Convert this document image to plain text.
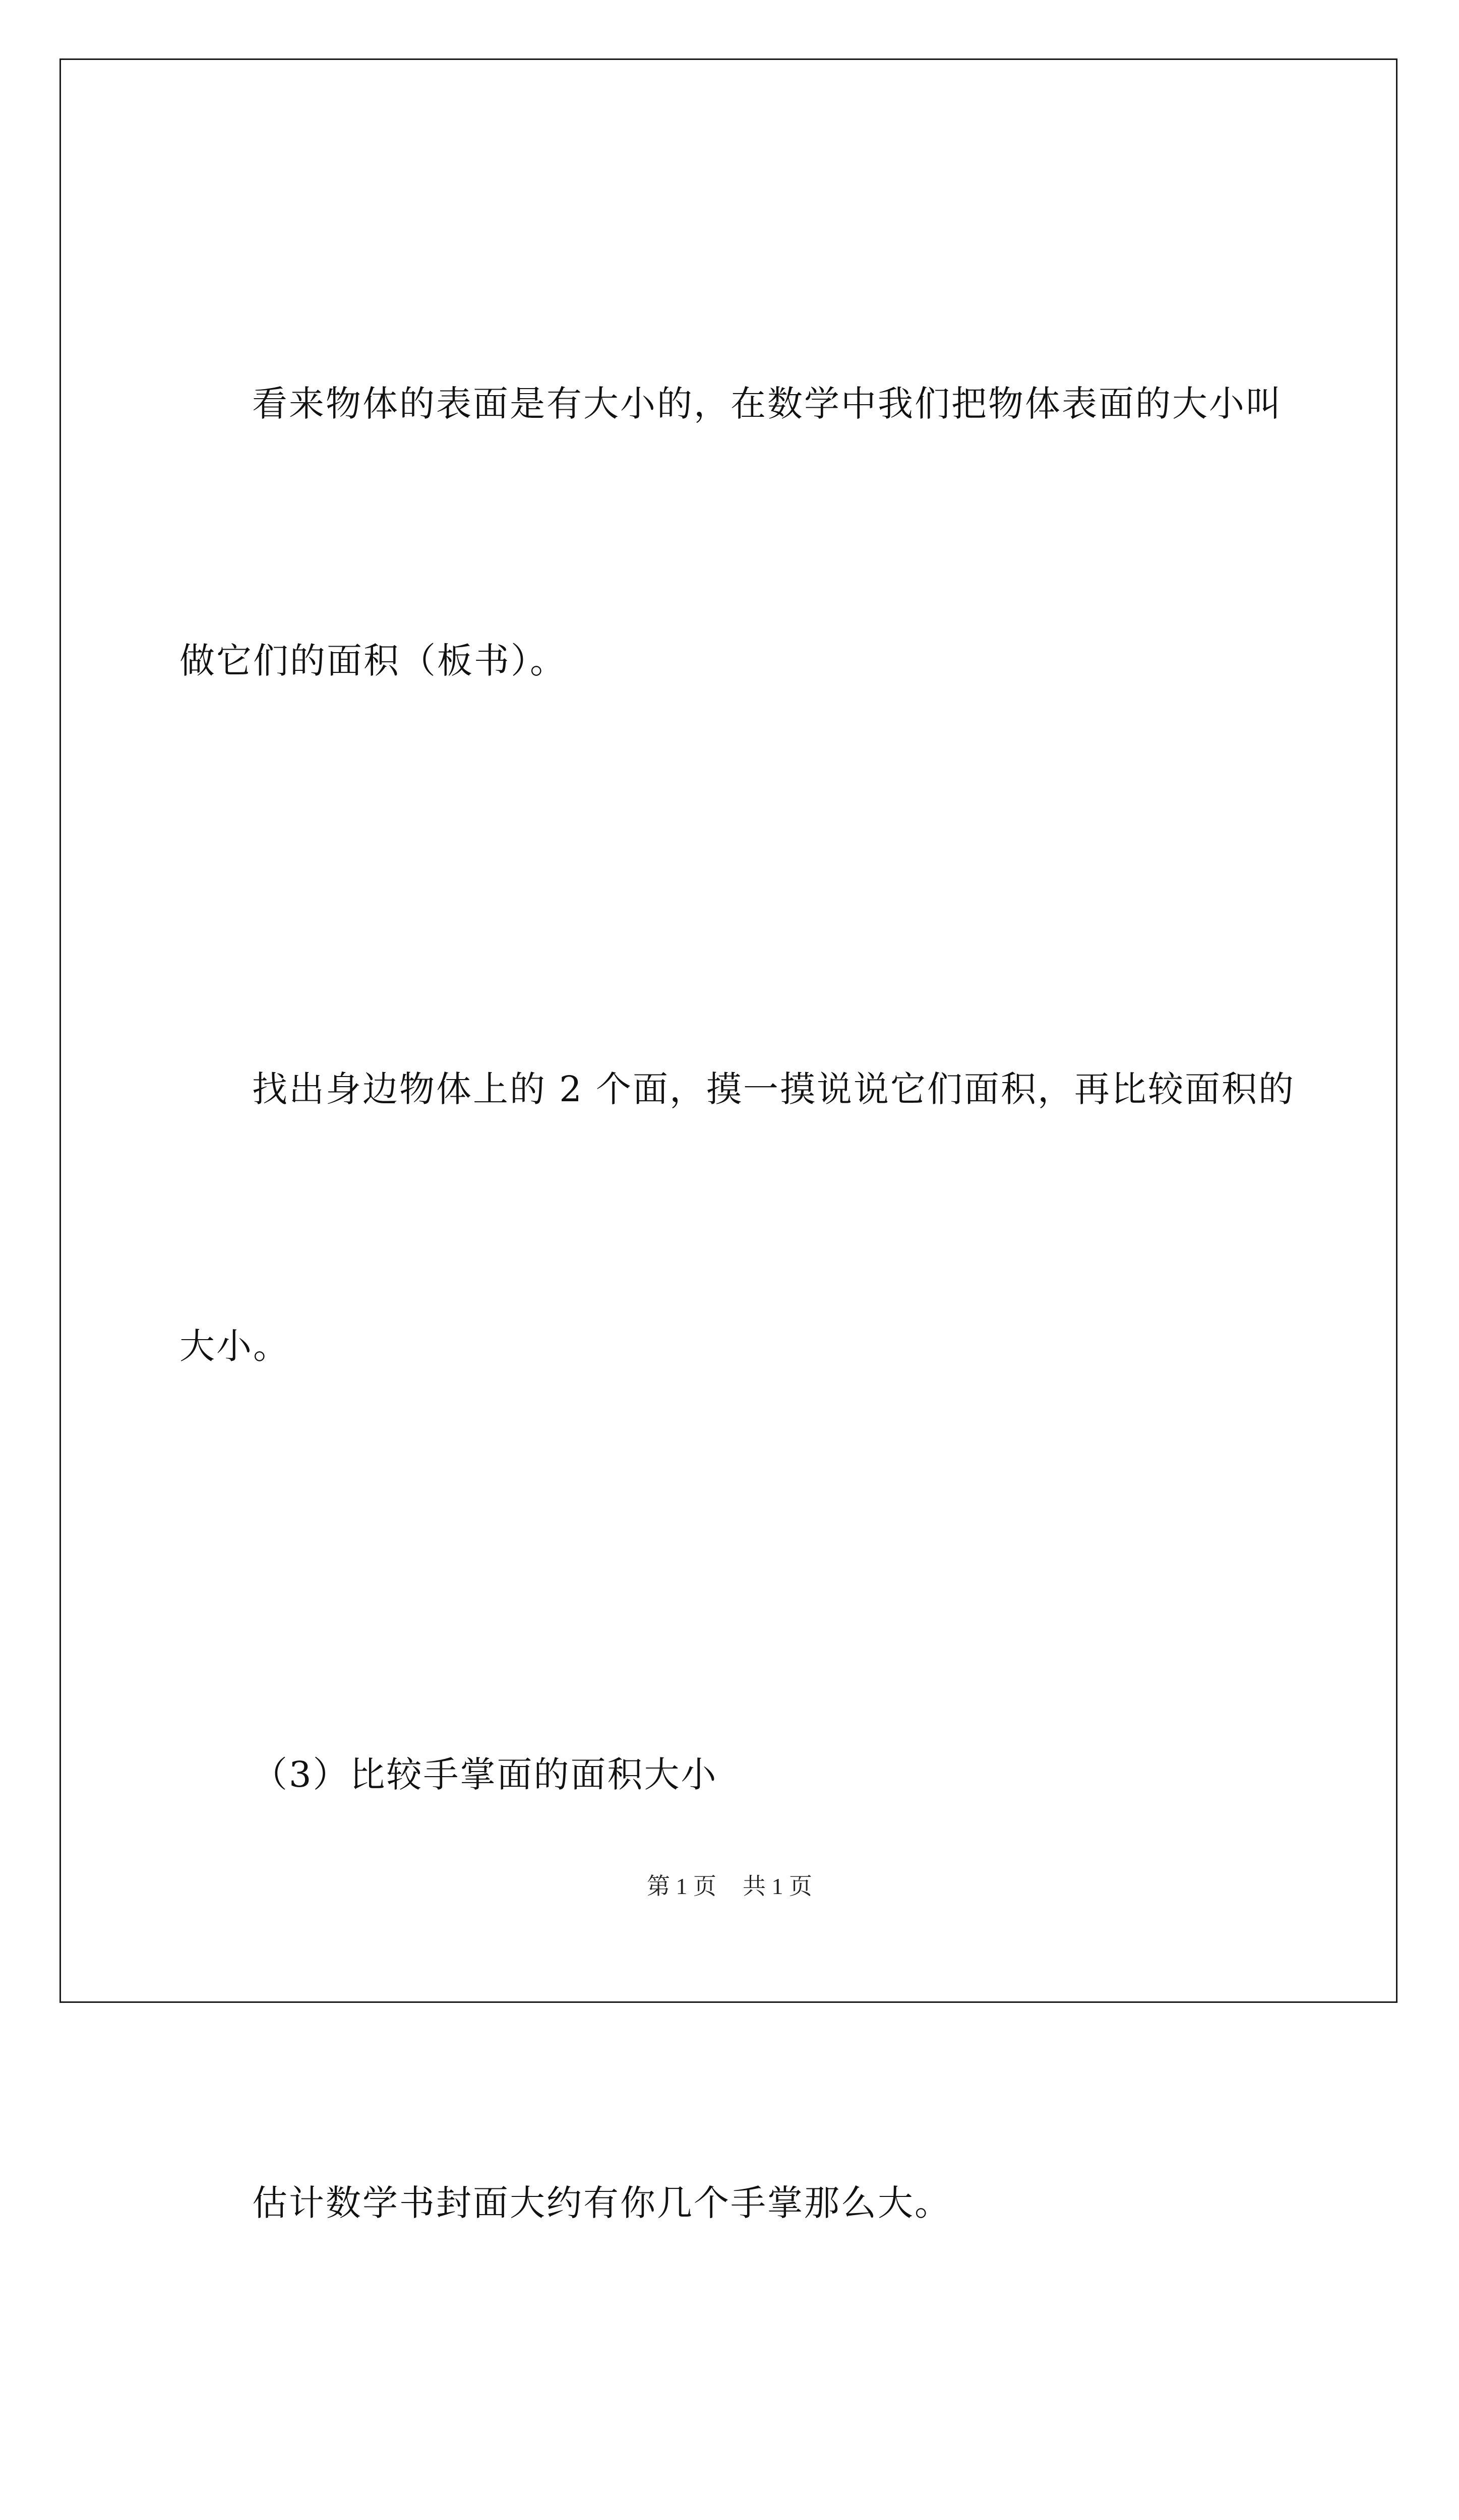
看来物体的表面是有大小的，在数学中我们把物体表面的大小叫

做它们的面积（板书）。

找出身边物体上的 2 个面，摸一摸说说它们面积，再比较面积的

大小。

（3）比较手掌面的面积大小

估计数学书封面大约有你几个手掌那么大。

第 1 页 共 1 页
